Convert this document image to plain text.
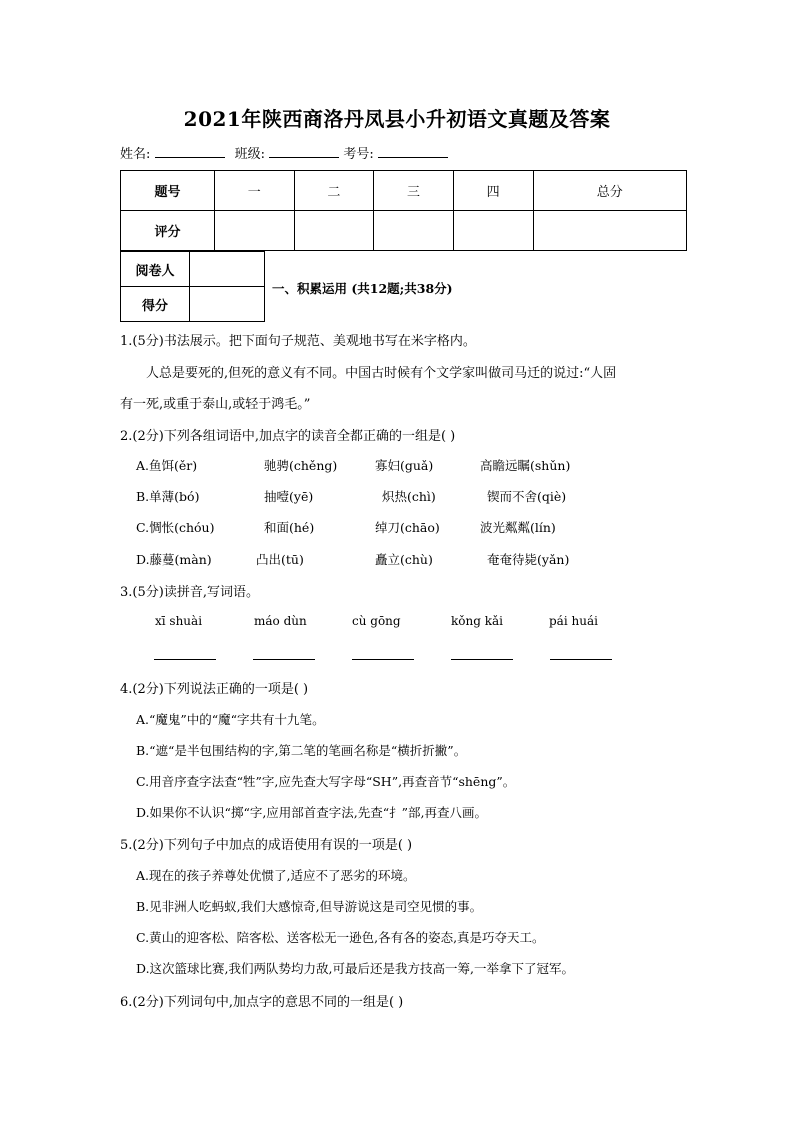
2021年陕西商洛丹凤县小升初语文真题及答案
姓名:	班级:	考号:
题号	一	二	三	四	总分
评分					
阅卷人	
得分	
一、积累运用 (共12题;共38分)
1.(5分)书法展示。把下面句子规范、美观地书写在米字格内。
人总是要死的,但死的意义有不同。中国古时候有个文学家叫做司马迁的说过:“人固
有一死,或重于泰山,或轻于鸿毛。”
2.(2分)下列各组词语中,加点字的读音全都正确的一组是( )
A.鱼饵(ěr)	驰骋(chěng)	寡妇(guǎ)	高瞻远瞩(shǔn)
B.单薄(bó)	抽噎(yē)	炽热(chì)	锲而不舍(qiè)
C.惆怅(chóu)	和面(hé)	绰刀(chāo)	波光粼粼(lín)
D.藤蔓(màn)	凸出(tū)	矗立(chù)	奄奄待毙(yǎn)
3.(5分)读拼音,写词语。
xī shuài	máo dùn	cù gōng	kǒng kǎi	pái huái
4.(2分)下列说法正确的一项是( )
A.“魔鬼”中的“魔“字共有十九笔。
B.“遮“是半包围结构的字,第二笔的笔画名称是“横折折撇”。
C.用音序查字法查“牲”字,应先查大写字母“SH”,再查音节“shēng”。
D.如果你不认识“掷“字,应用部首查字法,先查“扌”部,再查八画。
5.(2分)下列句子中加点的成语使用有误的一项是( )
A.现在的孩子养尊处优惯了,适应不了恶劣的环境。
B.见非洲人吃蚂蚁,我们大感惊奇,但导游说这是司空见惯的事。
C.黄山的迎客松、陪客松、送客松无一逊色,各有各的姿态,真是巧夺天工。
D.这次篮球比赛,我们两队势均力敌,可最后还是我方技高一筹,一举拿下了冠军。
6.(2分)下列词句中,加点字的意思不同的一组是( )
